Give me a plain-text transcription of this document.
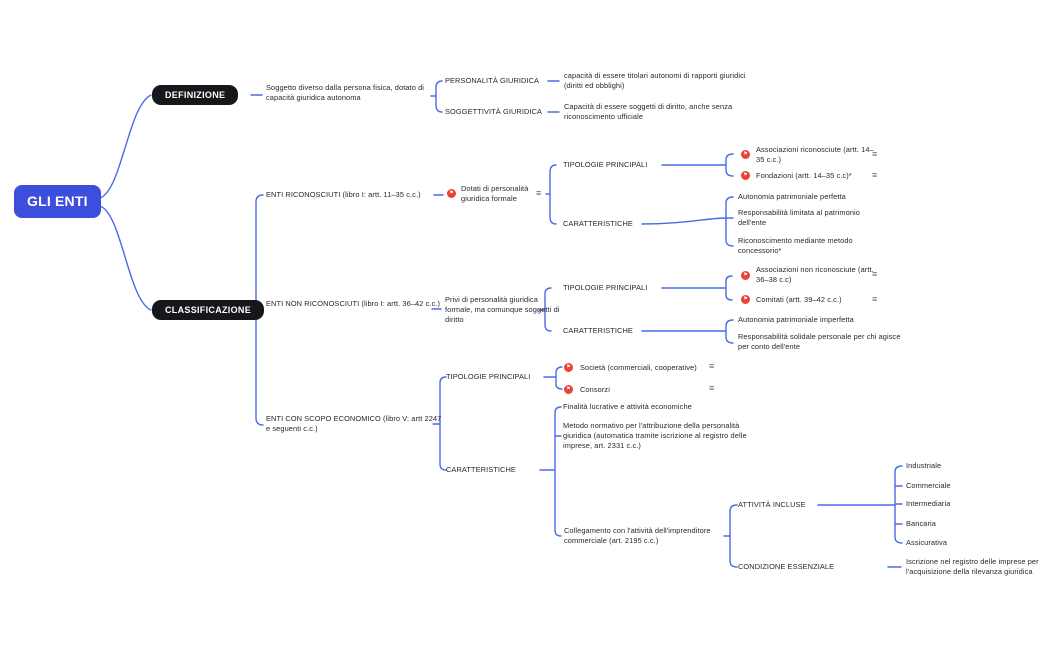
GLI ENTI
DEFINIZIONE
CLASSIFICAZIONE
Soggetto diverso dalla persona fisica, dotato di capacità giuridica autonoma
PERSONALITÀ GIURIDICA
capacità di essere titolari autonomi di rapporti giuridici (diritti ed obblighi)
SOGGETTIVITÀ GIURIDICA
Capacità di essere soggetti di diritto, anche senza riconoscimento ufficiale
ENTI RICONOSCIUTI (libro I: artt. 11–35 c.c.)	⚑ Dotati di personalità giuridica formale
≡
TIPOLOGIE PRINCIPALI
CARATTERISTICHE
⚑	Associazioni riconosciute (artt. 14–35 c.c.)
≡
⚑	Fondazioni (artt. 14–35 c.c)* ≡
Autonomia patrimoniale perfetta
Responsabilità limitata al patrimonio dell'ente
Riconoscimento mediante metodo concessorio*
ENTI NON RICONOSCIUTI (libro I: artt. 36–42 c.c.) Privi di personalità giuridica formale, ma comunque soggetti di diritto
TIPOLOGIE PRINCIPALI
CARATTERISTICHE
⚑
Associazioni non riconosciute (artt. 36–38 c.c)
≡
⚑	Comitati (artt. 39–42 c.c.)	≡
Autonomia patrimoniale imperfetta
Responsabilità solidale personale per chi agisce per conto dell'ente
ENTI CON SCOPO ECONOMICO (libro V: artt 2247 e seguenti c.c.)
TIPOLOGIE PRINCIPALI
⚑	Società (commerciali, cooperative) ≡
⚑	Consorzi	≡
CARATTERISTICHE
Finalità lucrative e attività economiche
Metodo normativo per l'attribuzione della personalità giuridica (automatica tramite iscrizione al registro delle imprese, art. 2331 c.c.)
Collegamento con l'attività dell'imprenditore commerciale (art. 2195 c.c.)
ATTIVITÀ INCLUSE
CONDIZIONE ESSENZIALE
Industriale
Commerciale
Intermediaria
Bancaria
Assicurativa
Iscrizione nel registro delle imprese per l'acquisizione della rilevanza giuridica
